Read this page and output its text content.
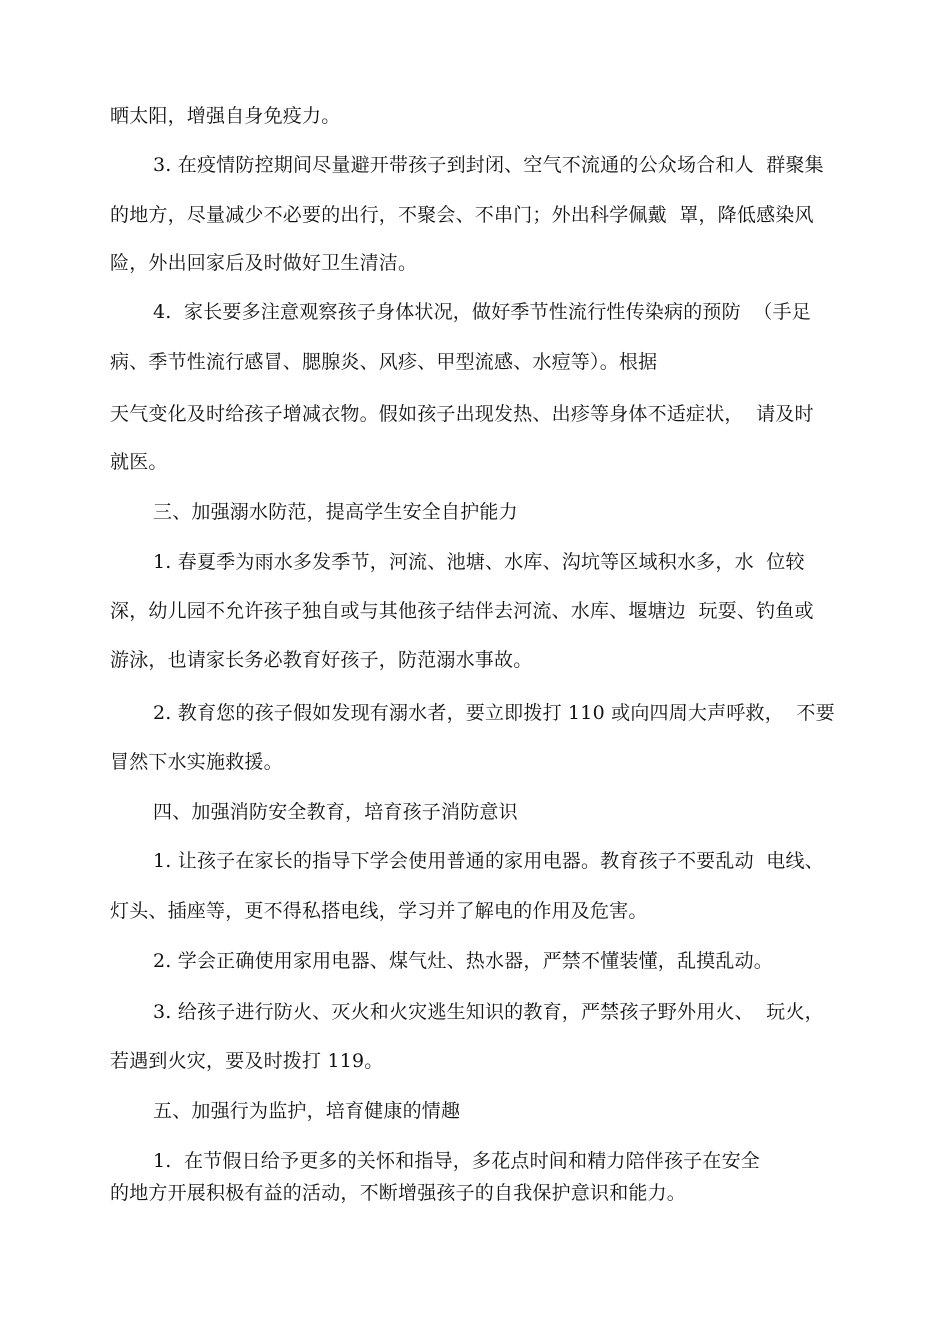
晒太阳，增强自身免疫力。
3. 在疫情防控期间尽量避开带孩子到封闭、空气不流通的公众场合和人  群聚集
的地方，尽量减少不必要的出行，不聚会、不串门；外出科学佩戴  罩，降低感染风
险，外出回家后及时做好卫生清洁。
4.  家长要多注意观察孩子身体状况，做好季节性流行性传染病的预防  （手足
病、季节性流行感冒、腮腺炎、风疹、甲型流感、水痘等）。根据
天气变化及时给孩子增减衣物。假如孩子出现发热、出疹等身体不适症状，  请及时
就医。
三、加强溺水防范，提高学生安全自护能力
1. 春夏季为雨水多发季节，河流、池塘、水库、沟坑等区域积水多，水  位较
深，幼儿园不允许孩子独自或与其他孩子结伴去河流、水库、堰塘边  玩耍、钓鱼或
游泳，也请家长务必教育好孩子，防范溺水事故。
2. 教育您的孩子假如发现有溺水者，要立即拨打 110 或向四周大声呼救，  不要
冒然下水实施救援。
四、加强消防安全教育，培育孩子消防意识
1. 让孩子在家长的指导下学会使用普通的家用电器。教育孩子不要乱动  电线、
灯头、插座等，更不得私搭电线，学习并了解电的作用及危害。
2. 学会正确使用家用电器、煤气灶、热水器，严禁不懂装懂，乱摸乱动。
3. 给孩子进行防火、灭火和火灾逃生知识的教育，严禁孩子野外用火、  玩火，
若遇到火灾，要及时拨打 119。
五、加强行为监护，培育健康的情趣
1.  在节假日给予更多的关怀和指导，多花点时间和精力陪伴孩子在安全
的地方开展积极有益的活动，不断增强孩子的自我保护意识和能力。
